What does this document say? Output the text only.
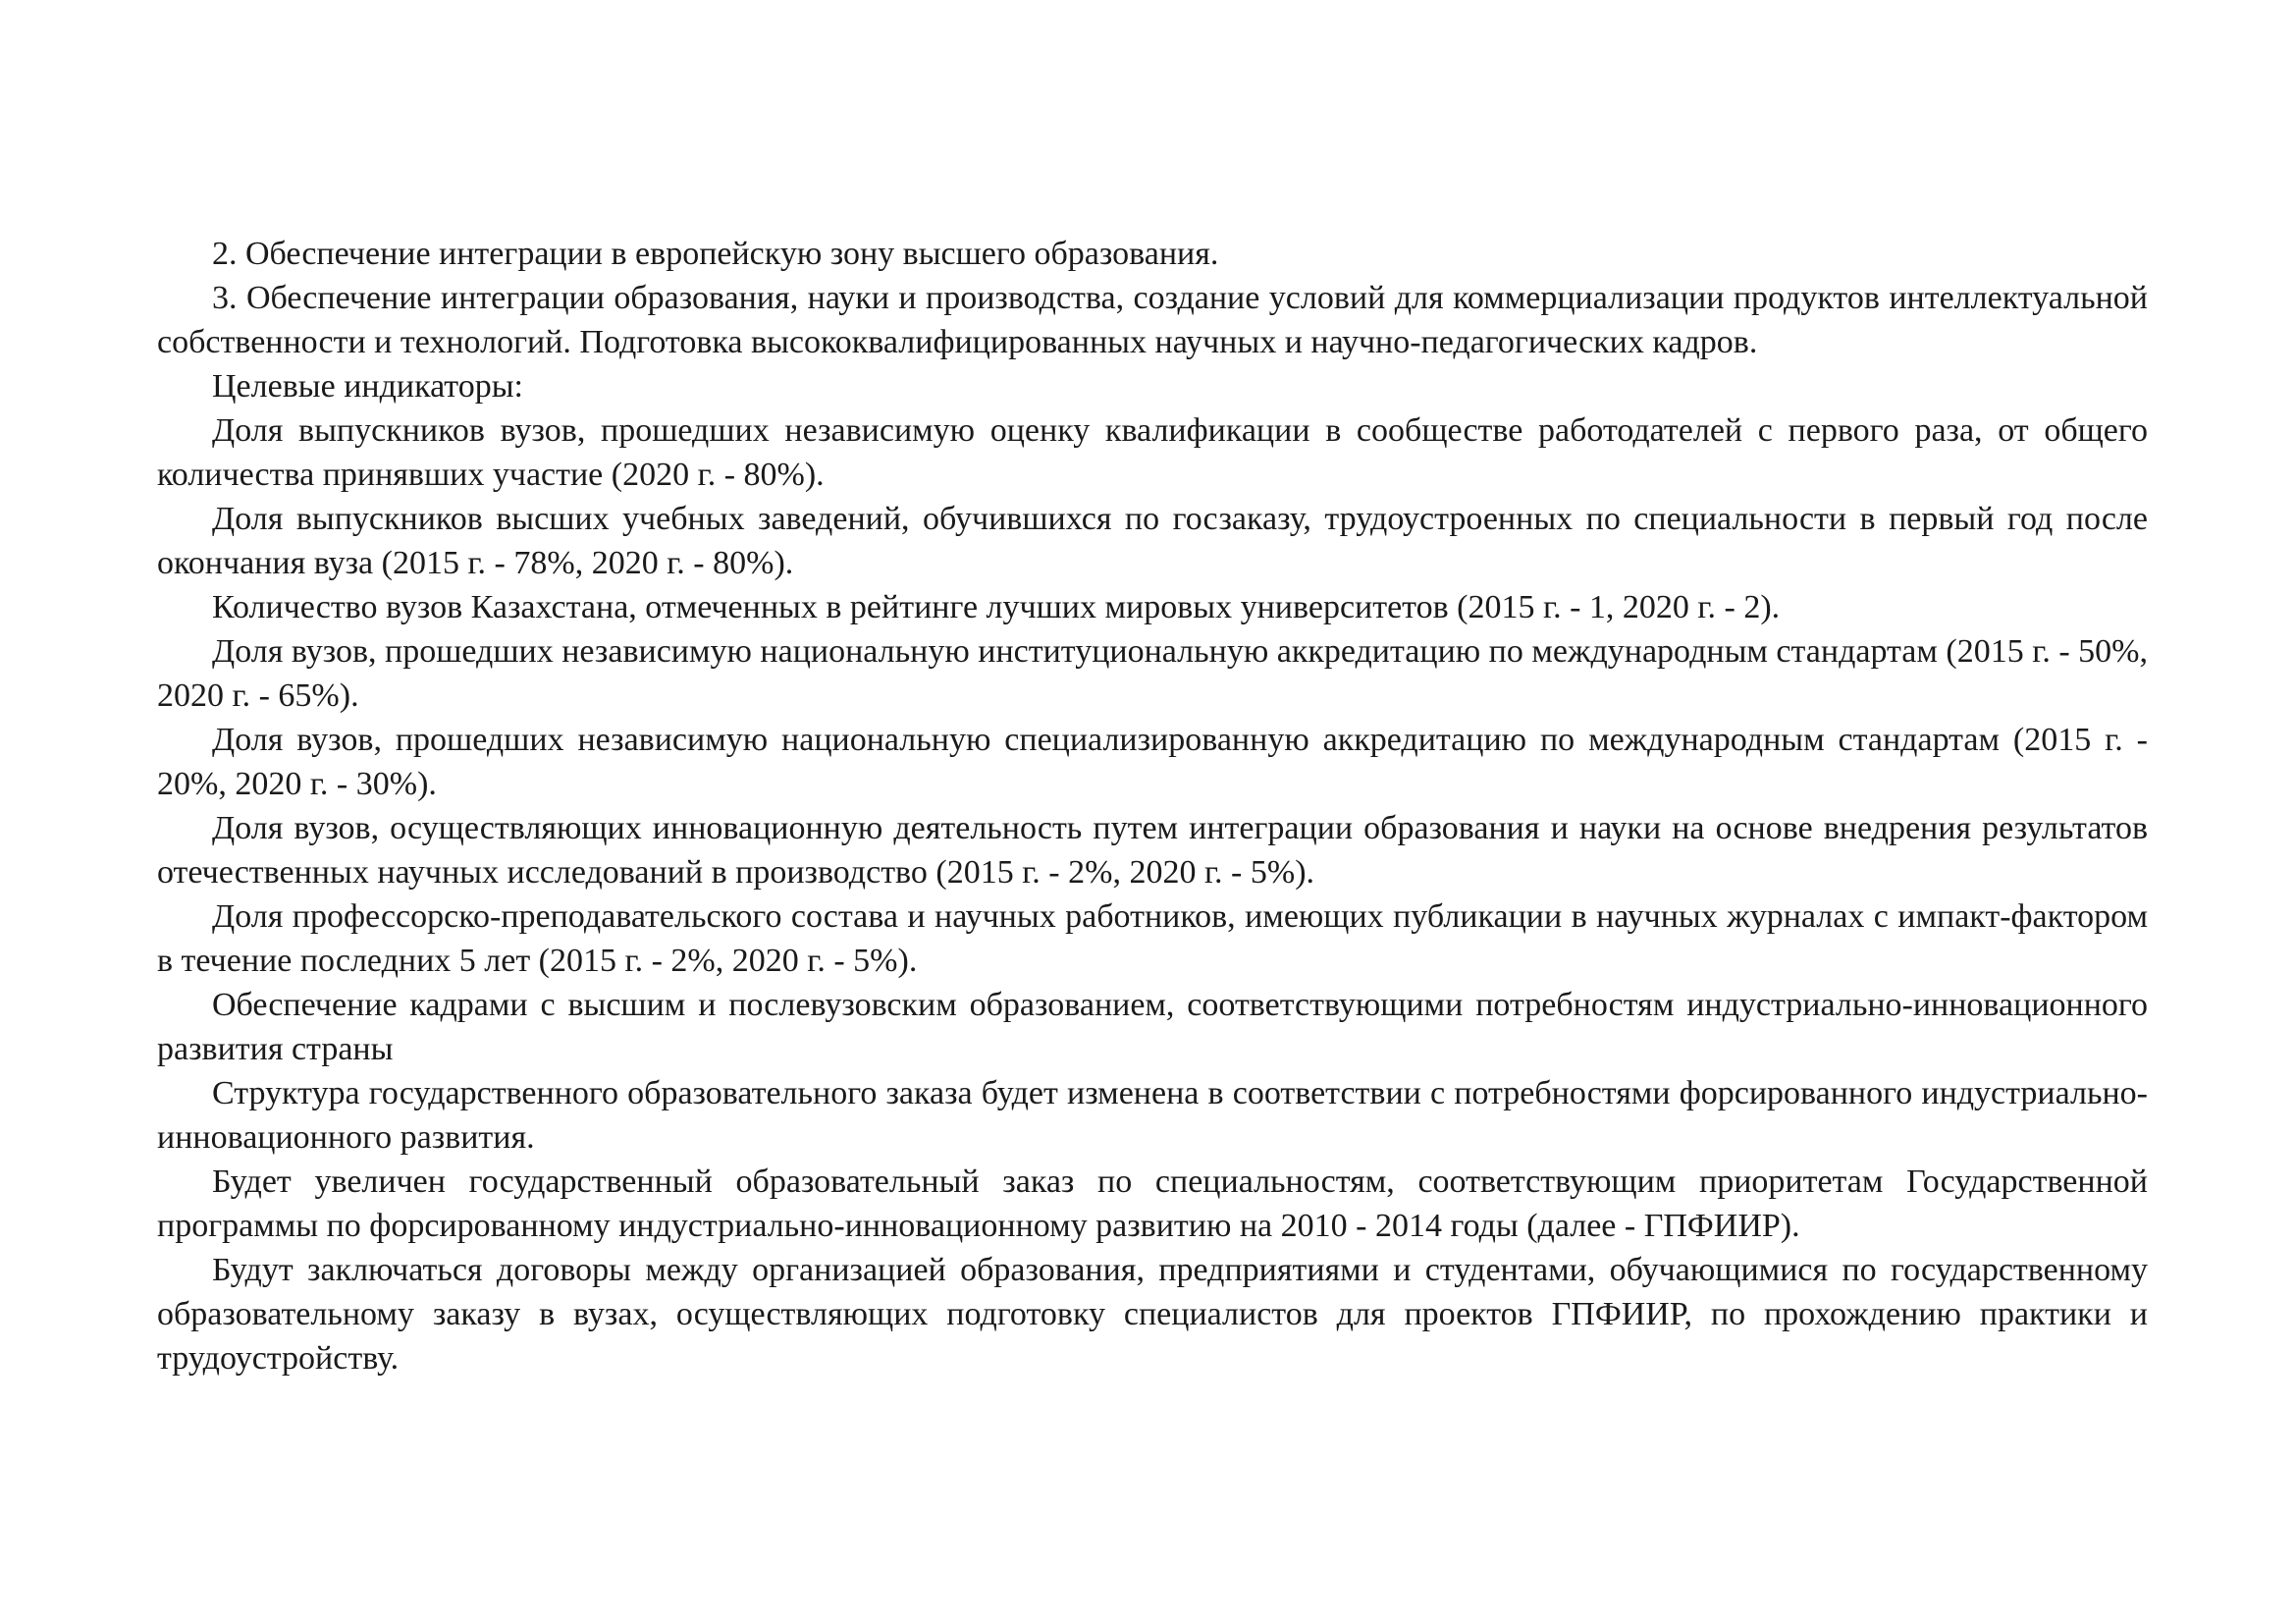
2. Обеспечение интеграции в европейскую зону высшего образования.

3. Обеспечение интеграции образования, науки и производства, создание условий для коммерциализации продуктов интеллектуальной собственности и технологий. Подготовка высококвалифицированных научных и научно-педагогических кадров.

Целевые индикаторы:

Доля выпускников вузов, прошедших независимую оценку квалификации в сообществе работодателей с первого раза, от общего количества принявших участие (2020 г. - 80%).

Доля выпускников высших учебных заведений, обучившихся по госзаказу, трудоустроенных по специальности в первый год после окончания вуза (2015 г. - 78%, 2020 г. - 80%).

Количество вузов Казахстана, отмеченных в рейтинге лучших мировых университетов (2015 г. - 1, 2020 г. - 2).

Доля вузов, прошедших независимую национальную институциональную аккредитацию по международным стандартам (2015 г. - 50%, 2020 г. - 65%).

Доля вузов, прошедших независимую национальную специализированную аккредитацию по международным стандартам (2015 г. - 20%, 2020 г. - 30%).

Доля вузов, осуществляющих инновационную деятельность путем интеграции образования и науки на основе внедрения результатов отечественных научных исследований в производство (2015 г. - 2%, 2020 г. - 5%).

Доля профессорско-преподавательского состава и научных работников, имеющих публикации в научных журналах с импакт-фактором в течение последних 5 лет (2015 г. - 2%, 2020 г. - 5%).

Обеспечение кадрами с высшим и послевузовским образованием, соответствующими потребностям индустриально-инновационного развития страны

Структура государственного образовательного заказа будет изменена в соответствии с потребностями форсированного индустриально-инновационного развития.

Будет увеличен государственный образовательный заказ по специальностям, соответствующим приоритетам Государственной программы по форсированному индустриально-инновационному развитию на 2010 - 2014 годы (далее - ГПФИИР).

Будут заключаться договоры между организацией образования, предприятиями и студентами, обучающимися по государственному образовательному заказу в вузах, осуществляющих подготовку специалистов для проектов ГПФИИР, по прохождению практики и трудоустройству.
